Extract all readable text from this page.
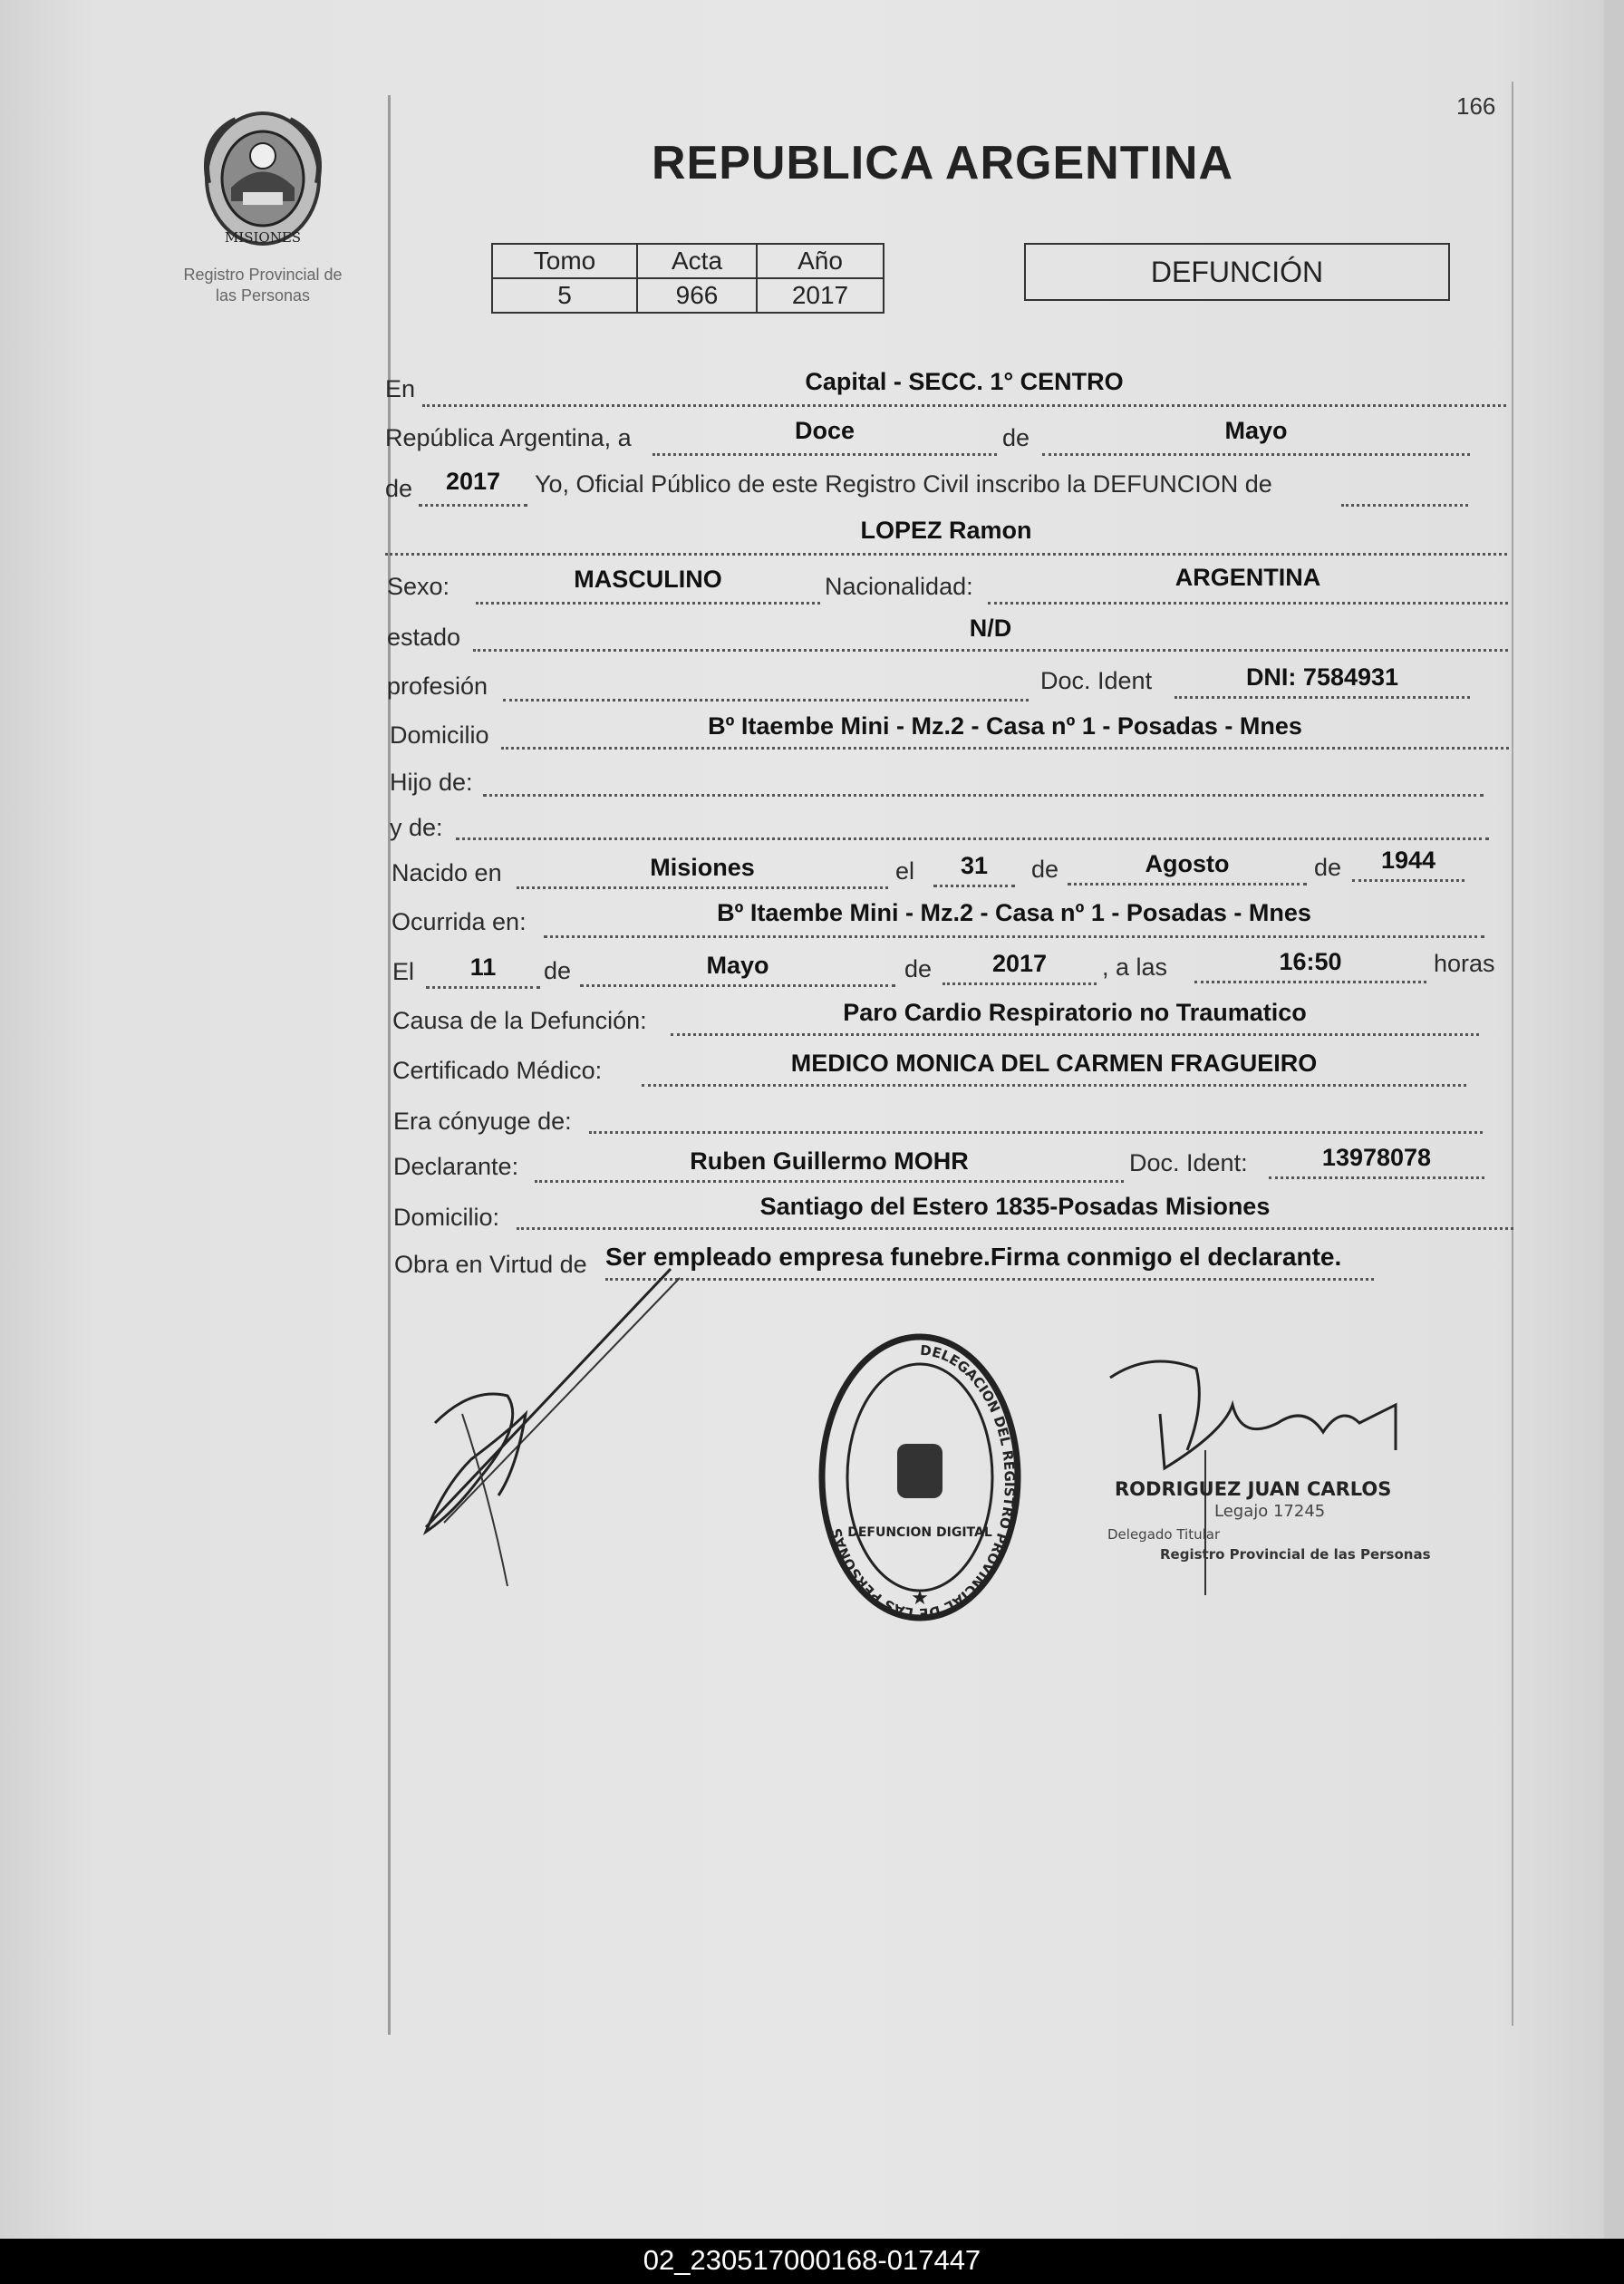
166
MISIONES
Registro Provincial de
las Personas
REPUBLICA ARGENTINA
Tomo	Acta	Año
5	966	2017
DEFUNCIÓN
En	Capital - SECC. 1° CENTRO
República Argentina, a	Doce	de	Mayo
de	2017	Yo, Oficial Público de este Registro Civil inscribo la DEFUNCION de
LOPEZ Ramon
Sexo:	MASCULINO	Nacionalidad:	ARGENTINA
estado	N/D
profesión	Doc. Ident	DNI: 7584931
Domicilio	Bº Itaembe Mini - Mz.2 - Casa nº 1 - Posadas - Mnes
Hijo de:
y de:
Nacido en	Misiones	el	31	de	Agosto	de	1944
Ocurrida en:	Bº Itaembe Mini - Mz.2 - Casa nº 1 - Posadas - Mnes
El	11	de	Mayo	de	2017	, a las	16:50	horas
Causa de la Defunción:	Paro Cardio Respiratorio no Traumatico
Certificado Médico:	MEDICO MONICA DEL CARMEN FRAGUEIRO
Era cónyuge de:
Declarante:	Ruben Guillermo MOHR	Doc. Ident:	13978078
Domicilio:	Santiago del Estero 1835-Posadas Misiones
Obra en Virtud de Ser empleado empresa funebre.Firma conmigo el declarante.
DELEGACION DEL REGISTRO PROVINCIAL DE LAS PERSONAS DEFUNCION DIGITAL
★
RODRIGUEZ JUAN CARLOS
Legajo 17245
Delegado Titular
Registro Provincial de las Personas
02_230517000168-017447
